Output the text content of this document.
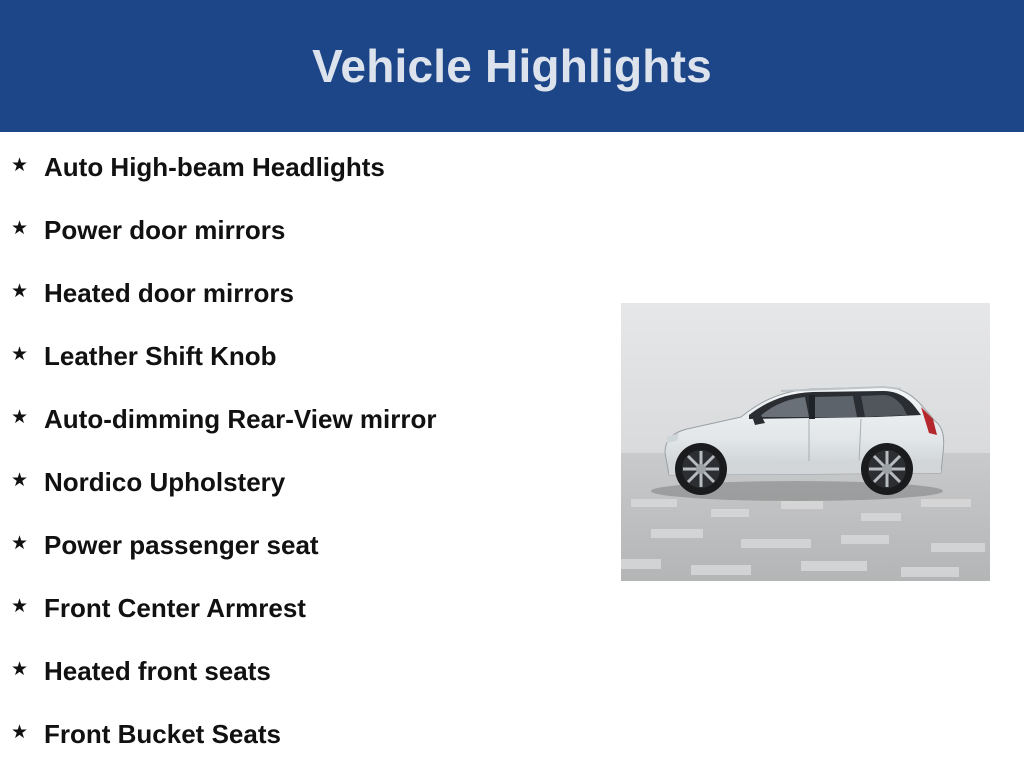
Vehicle Highlights
★ Auto High-beam Headlights
★ Power door mirrors
★ Heated door mirrors
★ Leather Shift Knob
★ Auto-dimming Rear-View mirror
★ Nordico Upholstery
★ Power passenger seat
★ Front Center Armrest
★ Heated front seats
★ Front Bucket Seats
